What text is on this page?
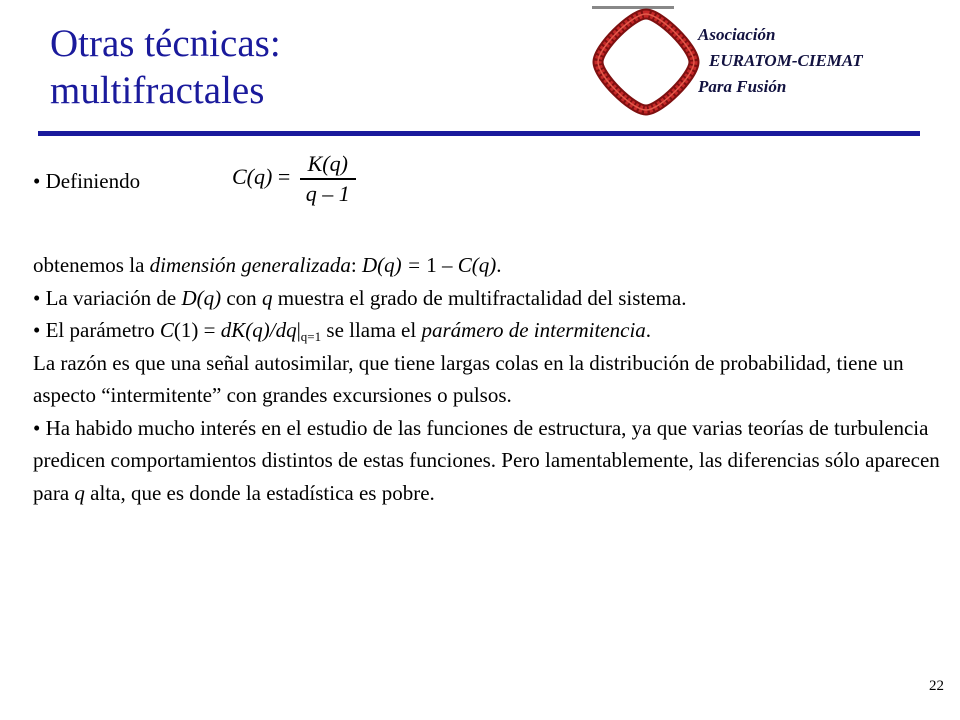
Otras técnicas:
multifractales
Asociación
EURATOM-CIEMAT
Para Fusión
• Definiendo	$C(q) = \frac{K(q)}{q - 1}$

obtenemos la dimensión generalizada: D(q) = 1 – C(q).

• La variación de D(q) con q muestra el grado de multifractalidad del sistema.

• El parámetro $C(1) = dK(q)/dq|_{q=1}$ se llama el parámero de intermitencia.

La razón es que una señal autosimilar, que tiene largas colas en la distribución de probabilidad, tiene un aspecto “intermitente” con grandes excursiones o pulsos.

• Ha habido mucho interés en el estudio de las funciones de estructura, ya que varias teorías de turbulencia predicen comportamientos distintos de estas funciones. Pero lamentablemente, las diferencias sólo aparecen para q alta, que es donde la estadística es pobre.

22
